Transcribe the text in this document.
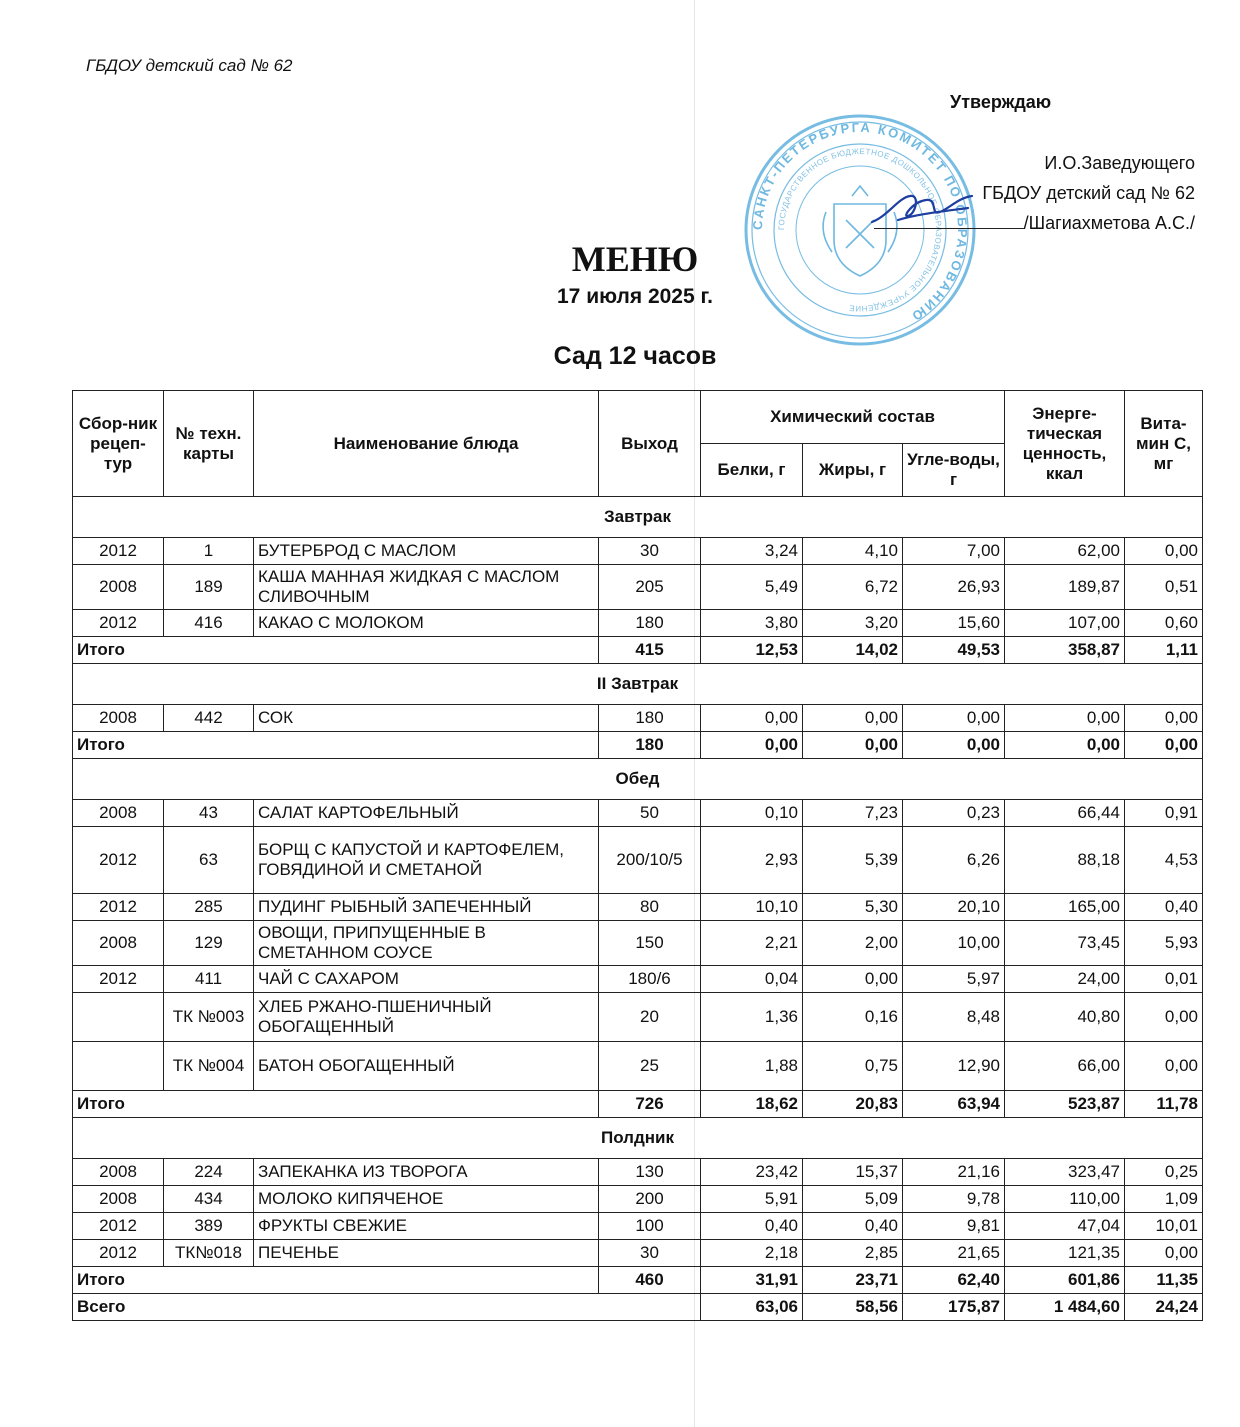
ГБДОУ детский сад № 62
Утверждаю
САНКТ-ПЕТЕРБУРГА КОМИТЕТ ПО ОБРАЗОВАНИЮ
ГОСУДАРСТВЕННОЕ БЮДЖЕТНОЕ ДОШКОЛЬНОЕ ОБРАЗОВАТЕЛЬНОЕ УЧРЕЖДЕНИЕ
И.О.Заведующего
ГБДОУ детский сад № 62
/Шагиахметова А.С./
МЕНЮ
17 июля 2025 г.
Сад 12 часов
Сбор-ник рецеп-тур	№ техн. карты	Наименование блюда	Выход	Химический состав			Энерге-тическая ценность, ккал	Вита-мин С, мг
				Белки, г	Жиры, г	Угле-воды, г		
Завтрак								
2012	1	БУТЕРБРОД С МАСЛОМ	30	3,24	4,10	7,00	62,00	0,00
2008	189	КАША МАННАЯ ЖИДКАЯ С МАСЛОМ СЛИВОЧНЫМ	205	5,49	6,72	26,93	189,87	0,51
2012	416	КАКАО С МОЛОКОМ	180	3,80	3,20	15,60	107,00	0,60
Итого			415	12,53	14,02	49,53	358,87	1,11
II Завтрак								
2008	442	СОК	180	0,00	0,00	0,00	0,00	0,00
Итого			180	0,00	0,00	0,00	0,00	0,00
Обед								
2008	43	САЛАТ КАРТОФЕЛЬНЫЙ	50	0,10	7,23	0,23	66,44	0,91
2012	63	БОРЩ С КАПУСТОЙ И КАРТОФЕЛЕМ, ГОВЯДИНОЙ И СМЕТАНОЙ	200/10/5	2,93	5,39	6,26	88,18	4,53
2012	285	ПУДИНГ РЫБНЫЙ ЗАПЕЧЕННЫЙ	80	10,10	5,30	20,10	165,00	0,40
2008	129	ОВОЩИ, ПРИПУЩЕННЫЕ В СМЕТАННОМ СОУСЕ	150	2,21	2,00	10,00	73,45	5,93
2012	411	ЧАЙ С САХАРОМ	180/6	0,04	0,00	5,97	24,00	0,01
	ТК №003	ХЛЕБ РЖАНО-ПШЕНИЧНЫЙ ОБОГАЩЕННЫЙ	20	1,36	0,16	8,48	40,80	0,00
	ТК №004	БАТОН ОБОГАЩЕННЫЙ	25	1,88	0,75	12,90	66,00	0,00
Итого			726	18,62	20,83	63,94	523,87	11,78
Полдник								
2008	224	ЗАПЕКАНКА ИЗ ТВОРОГА	130	23,42	15,37	21,16	323,47	0,25
2008	434	МОЛОКО КИПЯЧЕНОЕ	200	5,91	5,09	9,78	110,00	1,09
2012	389	ФРУКТЫ СВЕЖИЕ	100	0,40	0,40	9,81	47,04	10,01
2012	ТК№018	ПЕЧЕНЬЕ	30	2,18	2,85	21,65	121,35	0,00
Итого			460	31,91	23,71	62,40	601,86	11,35
Всего				63,06	58,56	175,87	1 484,60	24,24
